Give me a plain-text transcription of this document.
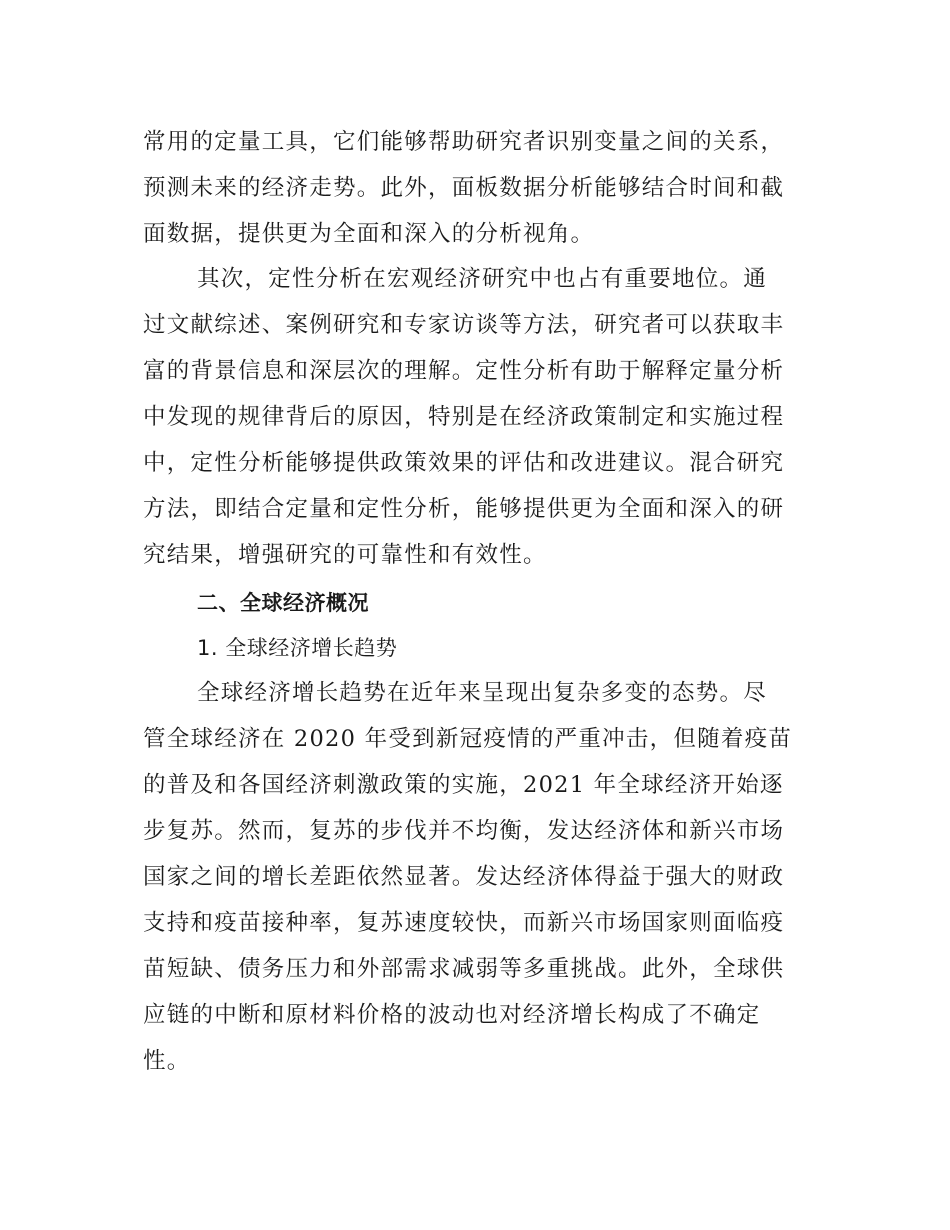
常用的定量工具，它们能够帮助研究者识别变量之间的关系，
预测未来的经济走势。此外，面板数据分析能够结合时间和截
面数据，提供更为全面和深入的分析视角。
其次，定性分析在宏观经济研究中也占有重要地位。通
过文献综述、案例研究和专家访谈等方法，研究者可以获取丰
富的背景信息和深层次的理解。定性分析有助于解释定量分析
中发现的规律背后的原因，特别是在经济政策制定和实施过程
中，定性分析能够提供政策效果的评估和改进建议。混合研究
方法，即结合定量和定性分析，能够提供更为全面和深入的研
究结果，增强研究的可靠性和有效性。
二、全球经济概况
1. 全球经济增长趋势
全球经济增长趋势在近年来呈现出复杂多变的态势。尽
管全球经济在 2020 年受到新冠疫情的严重冲击，但随着疫苗
的普及和各国经济刺激政策的实施，2021 年全球经济开始逐
步复苏。然而，复苏的步伐并不均衡，发达经济体和新兴市场
国家之间的增长差距依然显著。发达经济体得益于强大的财政
支持和疫苗接种率，复苏速度较快，而新兴市场国家则面临疫
苗短缺、债务压力和外部需求减弱等多重挑战。此外，全球供
应链的中断和原材料价格的波动也对经济增长构成了不确定
性。
